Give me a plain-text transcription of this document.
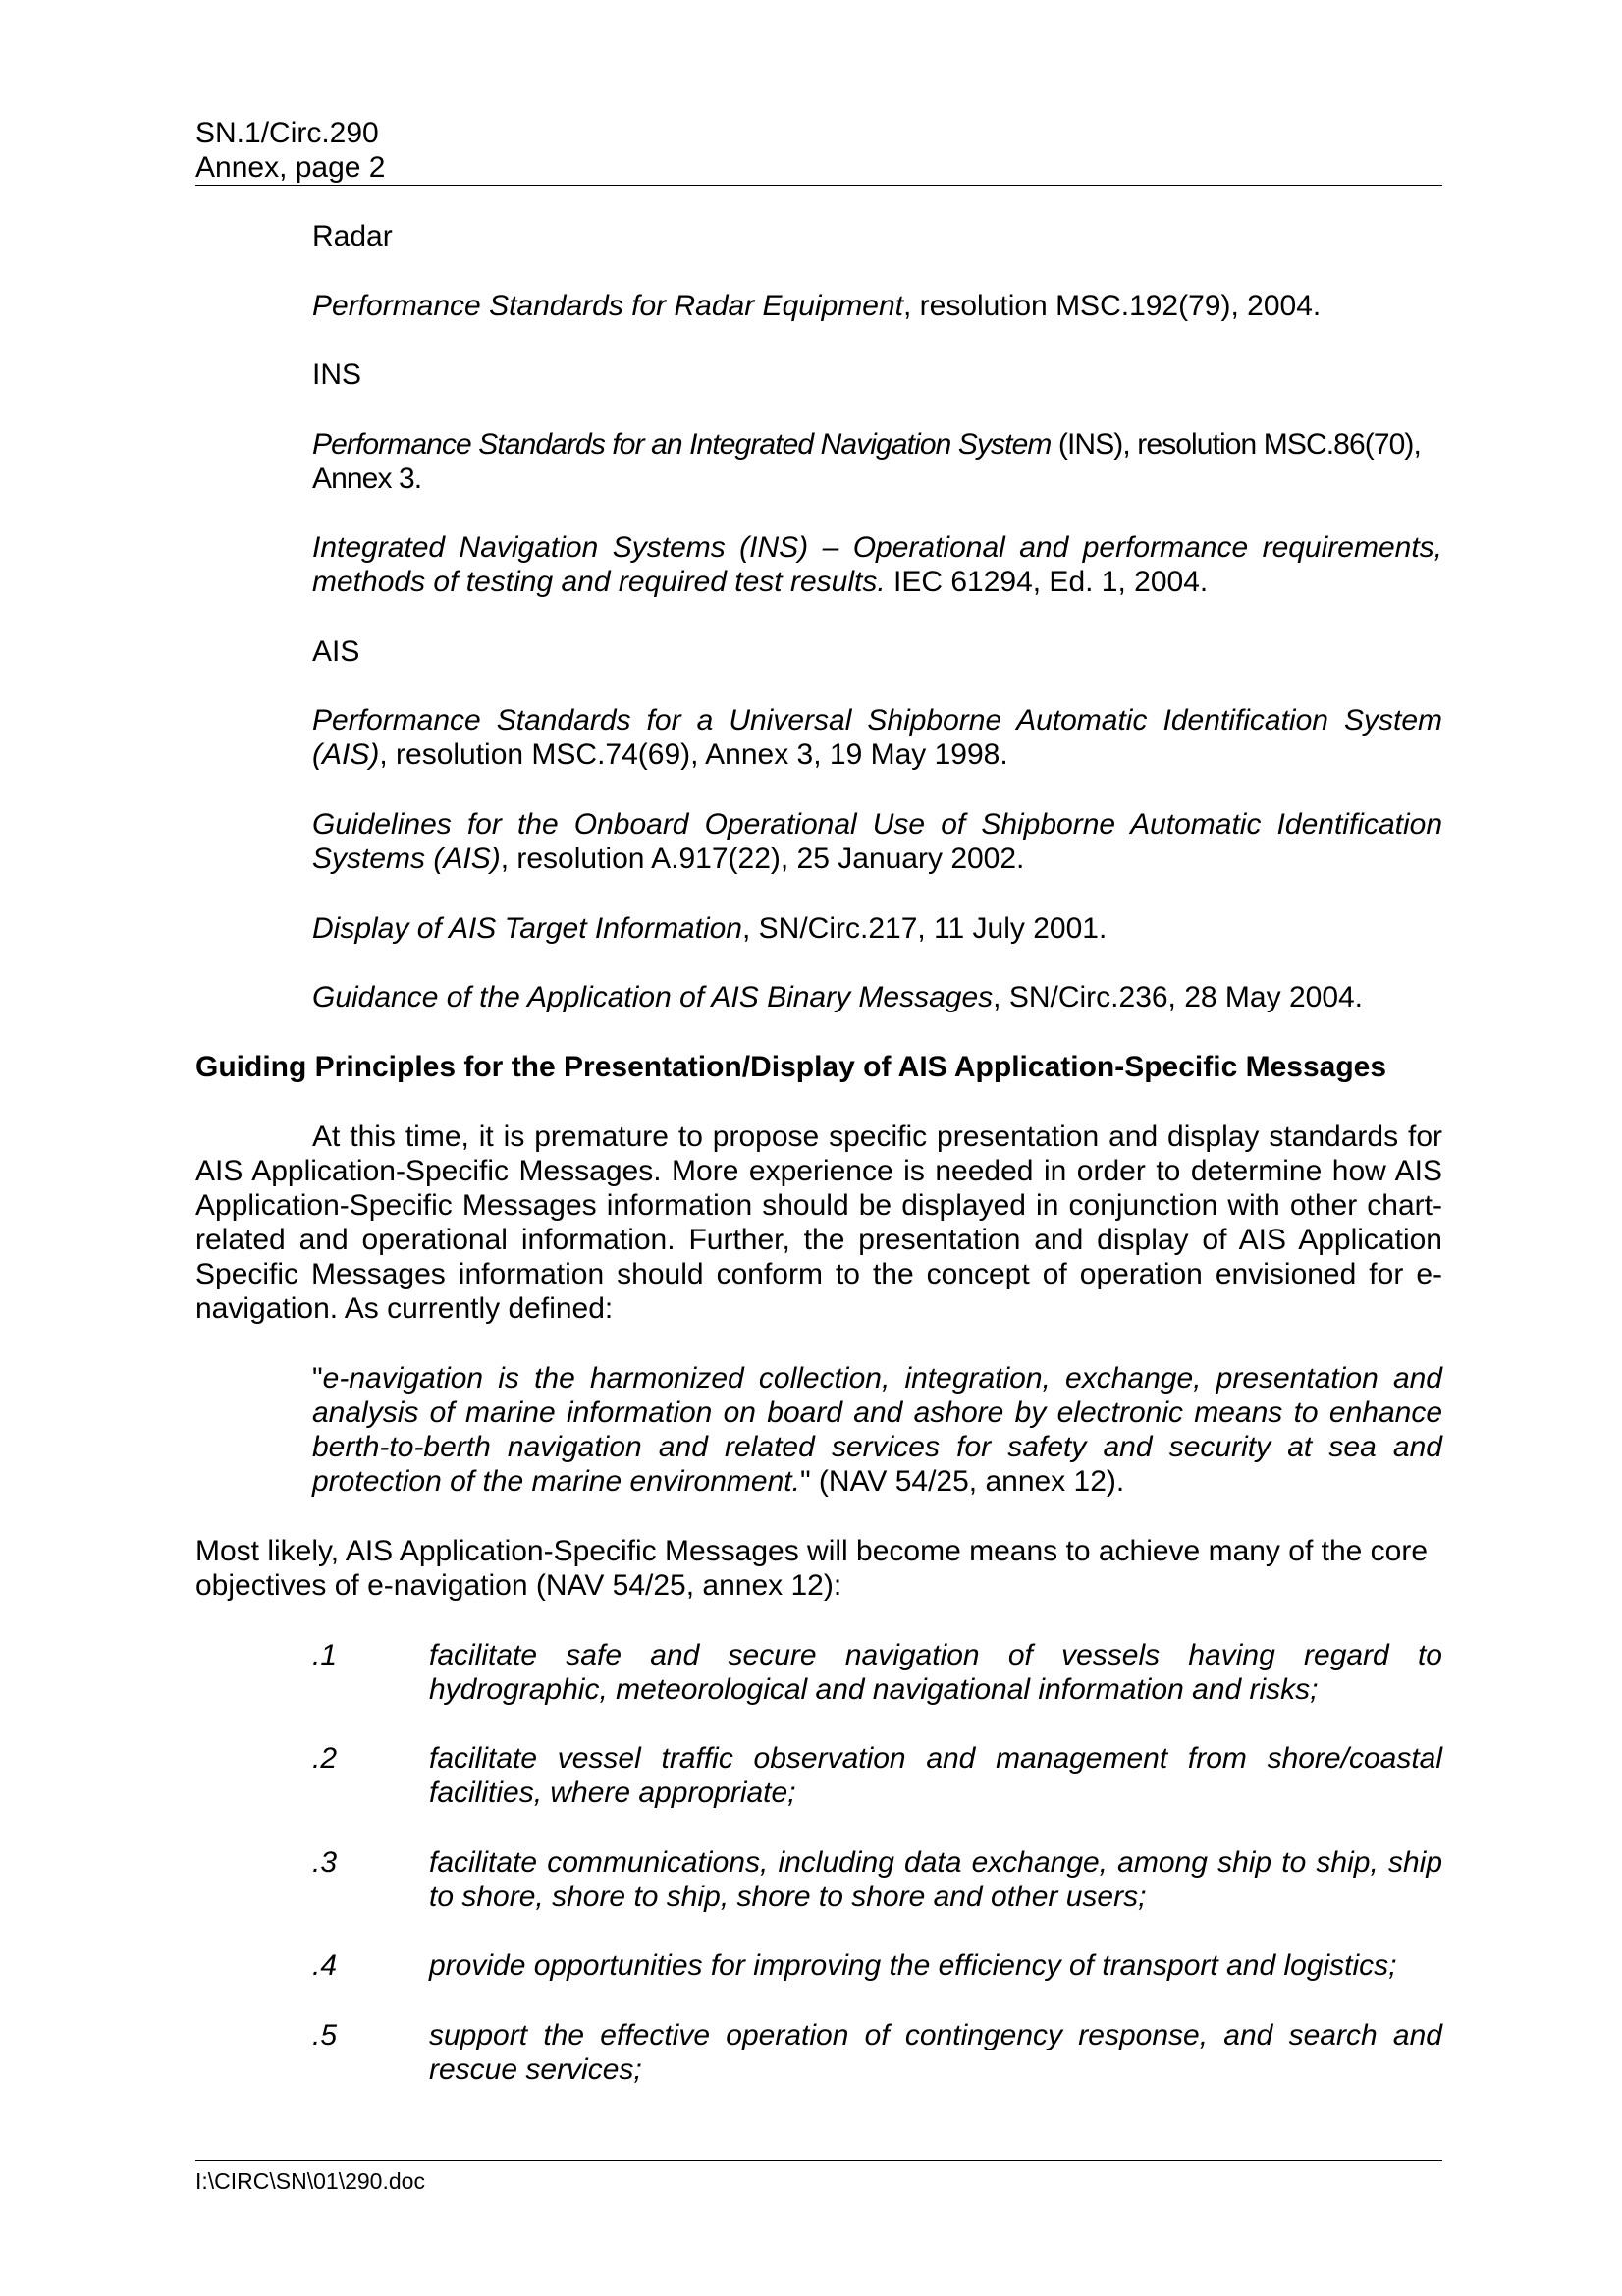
SN.1/Circ.290
Annex, page 2
Radar
Performance Standards for Radar Equipment, resolution MSC.192(79), 2004.
INS
Performance Standards for an Integrated Navigation System (INS), resolution MSC.86(70), Annex 3.
Integrated Navigation Systems (INS) – Operational and performance requirements, methods of testing and required test results. IEC 61294, Ed. 1, 2004.
AIS
Performance Standards for a Universal Shipborne Automatic Identification System (AIS), resolution MSC.74(69), Annex 3, 19 May 1998.
Guidelines for the Onboard Operational Use of Shipborne Automatic Identification Systems (AIS), resolution A.917(22), 25 January 2002.
Display of AIS Target Information, SN/Circ.217, 11 July 2001.
Guidance of the Application of AIS Binary Messages, SN/Circ.236, 28 May 2004.
Guiding Principles for the Presentation/Display of AIS Application-Specific Messages
At this time, it is premature to propose specific presentation and display standards for AIS Application-Specific Messages. More experience is needed in order to determine how AIS Application-Specific Messages information should be displayed in conjunction with other chart-related and operational information. Further, the presentation and display of AIS Application Specific Messages information should conform to the concept of operation envisioned for e-navigation. As currently defined:
"e-navigation is the harmonized collection, integration, exchange, presentation and analysis of marine information on board and ashore by electronic means to enhance berth-to-berth navigation and related services for safety and security at sea and protection of the marine environment." (NAV 54/25, annex 12).
Most likely, AIS Application-Specific Messages will become means to achieve many of the core objectives of e-navigation (NAV 54/25, annex 12):
.1	facilitate safe and secure navigation of vessels having regard to hydrographic, meteorological and navigational information and risks;
.2	facilitate vessel traffic observation and management from shore/coastal facilities, where appropriate;
.3	facilitate communications, including data exchange, among ship to ship, ship to shore, shore to ship, shore to shore and other users;
.4	provide opportunities for improving the efficiency of transport and logistics;
.5	support the effective operation of contingency response, and search and rescue services;
I:\CIRC\SN\01\290.doc
